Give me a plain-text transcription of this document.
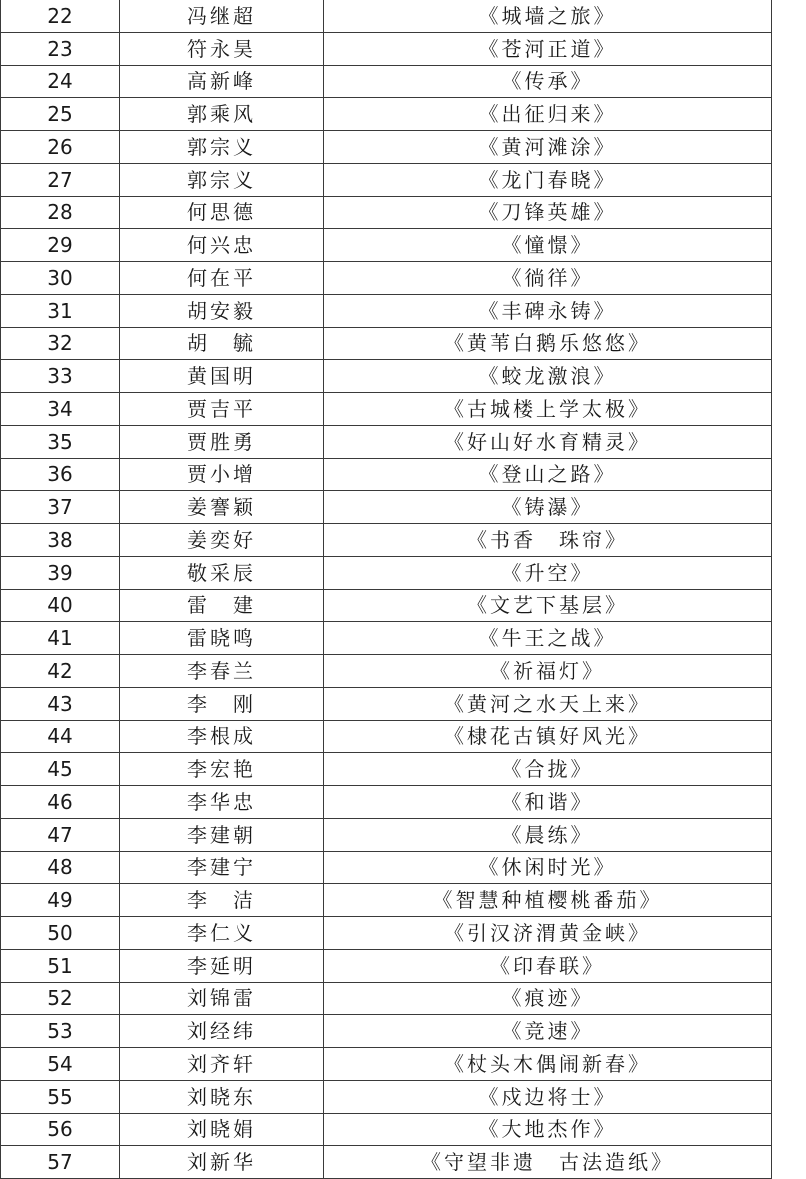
22	冯继超	《城墙之旅》
23	符永昊	《苍河正道》
24	高新峰	《传承》
25	郭乘风	《出征归来》
26	郭宗义	《黄河滩涂》
27	郭宗义	《龙门春晓》
28	何思德	《刀锋英雄》
29	何兴忠	《憧憬》
30	何在平	《徜徉》
31	胡安毅	《丰碑永铸》
32	胡　毓	《黄苇白鹅乐悠悠》
33	黄国明	《蛟龙激浪》
34	贾吉平	《古城楼上学太极》
35	贾胜勇	《好山好水育精灵》
36	贾小增	《登山之路》
37	姜謇颖	《铸瀑》
38	姜奕好	《书香　珠帘》
39	敬采辰	《升空》
40	雷　建	《文艺下基层》
41	雷晓鸣	《牛王之战》
42	李春兰	《祈福灯》
43	李　刚	《黄河之水天上来》
44	李根成	《棣花古镇好风光》
45	李宏艳	《合拢》
46	李华忠	《和谐》
47	李建朝	《晨练》
48	李建宁	《休闲时光》
49	李　洁	《智慧种植樱桃番茄》
50	李仁义	《引汉济渭黄金峡》
51	李延明	《印春联》
52	刘锦雷	《痕迹》
53	刘经纬	《竞速》
54	刘齐轩	《杖头木偶闹新春》
55	刘晓东	《戍边将士》
56	刘晓娟	《大地杰作》
57	刘新华	《守望非遗　古法造纸》
